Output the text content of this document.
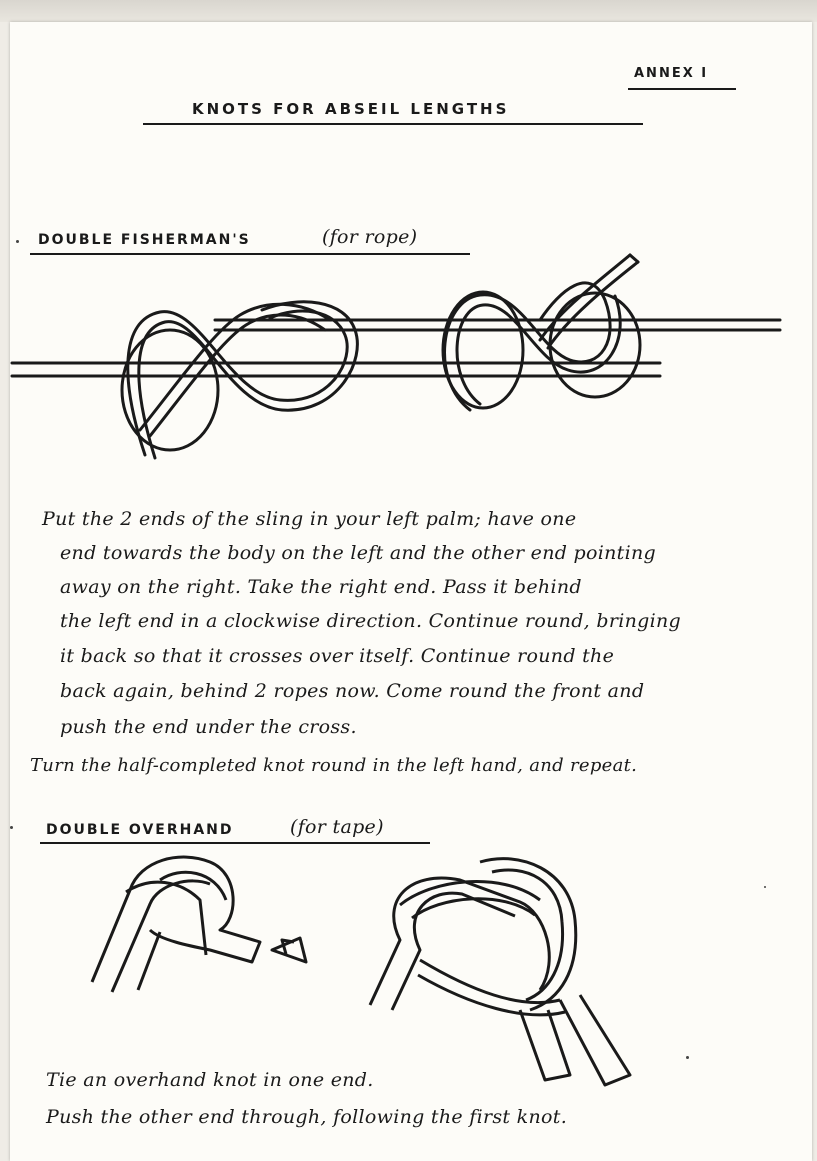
ANNEX I
KNOTS FOR ABSEIL LENGTHS
DOUBLE FISHERMAN'S	(for rope)
Put the 2 ends of the sling in your left palm; have one
end towards the body on the left and the other end pointing
away on the right. Take the right end. Pass it behind
the left end in a clockwise direction. Continue round, bringing
it back so that it crosses over itself. Continue round the
back again, behind 2 ropes now. Come round the front and
push the end under the cross.
Turn the half-completed knot round in the left hand, and repeat.
DOUBLE OVERHAND	(for tape)
Tie an overhand knot in one end.
Push the other end through, following the first knot.
